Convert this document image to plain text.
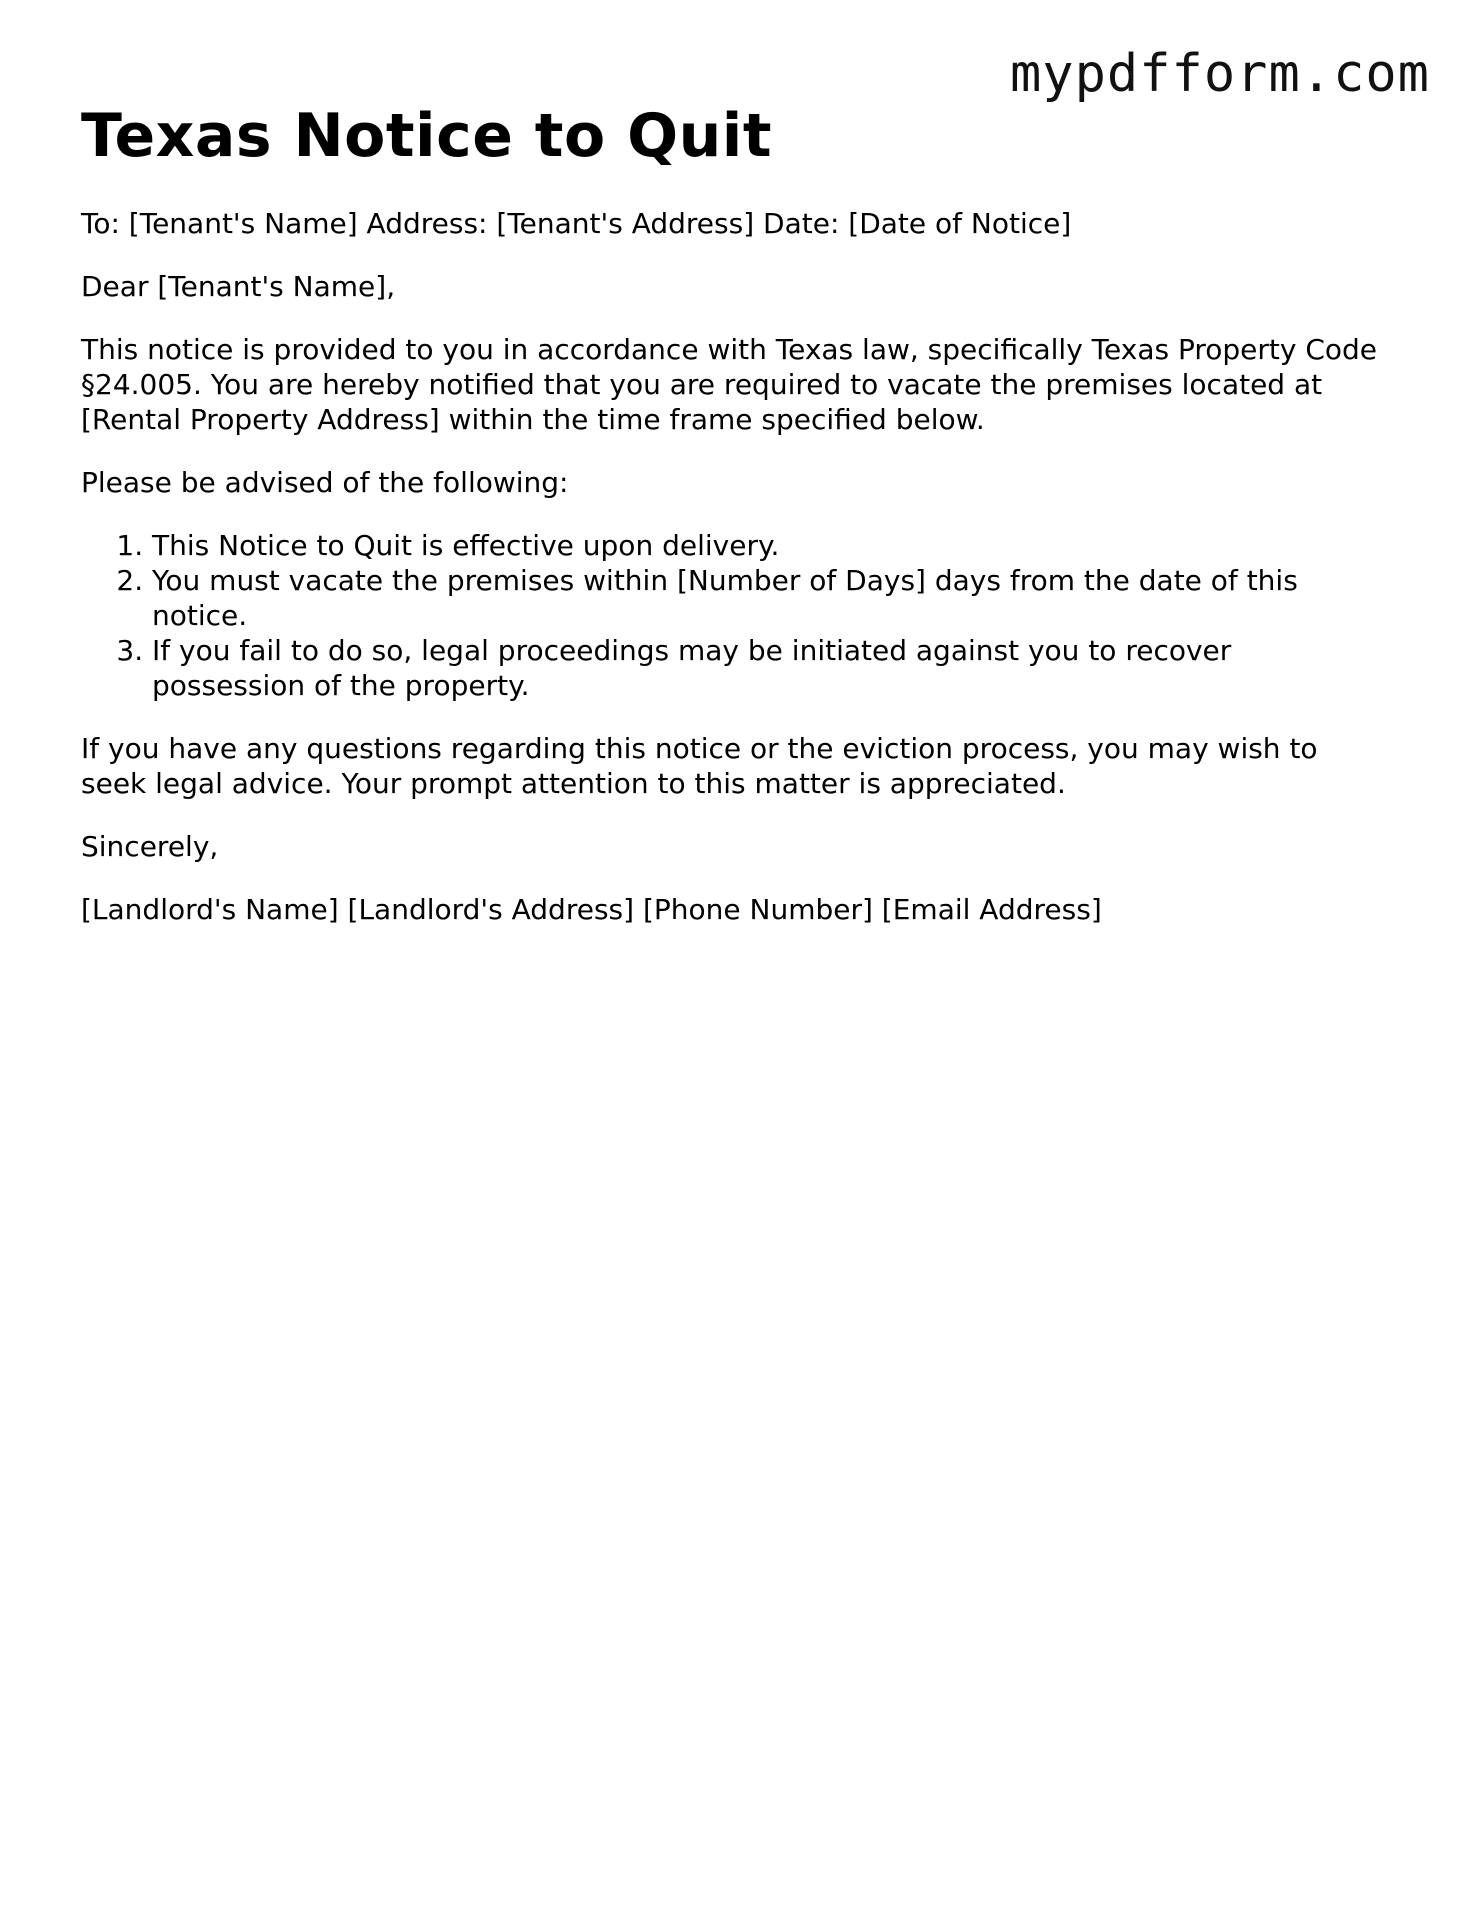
mypdfform.com
Texas Notice to Quit

To: [Tenant's Name] Address: [Tenant's Address] Date: [Date of Notice]

Dear [Tenant's Name],

This notice is provided to you in accordance with Texas law, specifically Texas Property Code §24.005. You are hereby notified that you are required to vacate the premises located at [Rental Property Address] within the time frame specified below.

Please be advised of the following:

1. This Notice to Quit is effective upon delivery.
2. You must vacate the premises within [Number of Days] days from the date of this notice.
3. If you fail to do so, legal proceedings may be initiated against you to recover possession of the property.

If you have any questions regarding this notice or the eviction process, you may wish to seek legal advice. Your prompt attention to this matter is appreciated.

Sincerely,

[Landlord's Name] [Landlord's Address] [Phone Number] [Email Address]
